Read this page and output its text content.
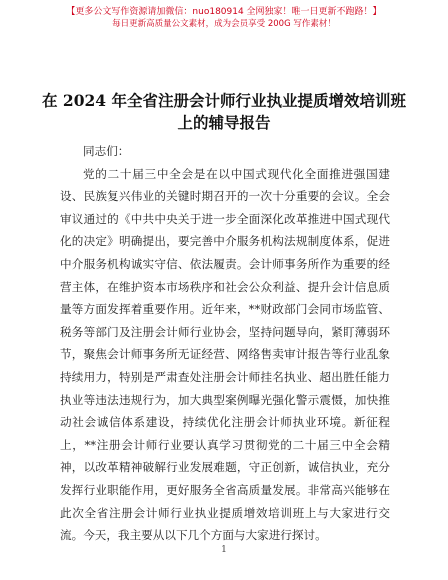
【更多公文写作资源请加微信：nuo180914 全网独家！唯一日更新不跑路！】
每日更新高质量公文素材，成为会员享受 200G 写作素材！
在 2024 年全省注册会计师行业执业提质增效培训班上的辅导报告

同志们：

党的二十届三中全会是在以中国式现代化全面推进强国建设、民族复兴伟业的关键时期召开的一次十分重要的会议。全会审议通过的《中共中央关于进一步全面深化改革推进中国式现代化的决定》明确提出，要完善中介服务机构法规制度体系，促进中介服务机构诚实守信、依法履责。会计师事务所作为重要的经营主体，在维护资本市场秩序和社会公众利益、提升会计信息质量等方面发挥着重要作用。近年来，**财政部门会同市场监管、税务等部门及注册会计师行业协会，坚持问题导向，紧盯薄弱环节，聚焦会计师事务所无证经营、网络售卖审计报告等行业乱象持续用力，特别是严肃查处注册会计师挂名执业、超出胜任能力执业等违法违规行为，加大典型案例曝光强化警示震慑，加快推动社会诚信体系建设，持续优化注册会计师执业环境。新征程上，**注册会计师行业要认真学习贯彻党的二十届三中全会精神，以改革精神破解行业发展难题，守正创新，诚信执业，充分发挥行业职能作用，更好服务全省高质量发展。非常高兴能够在此次全省注册会计师行业执业提质增效培训班上与大家进行交流。今天，我主要从以下几个方面与大家进行探讨。

1
